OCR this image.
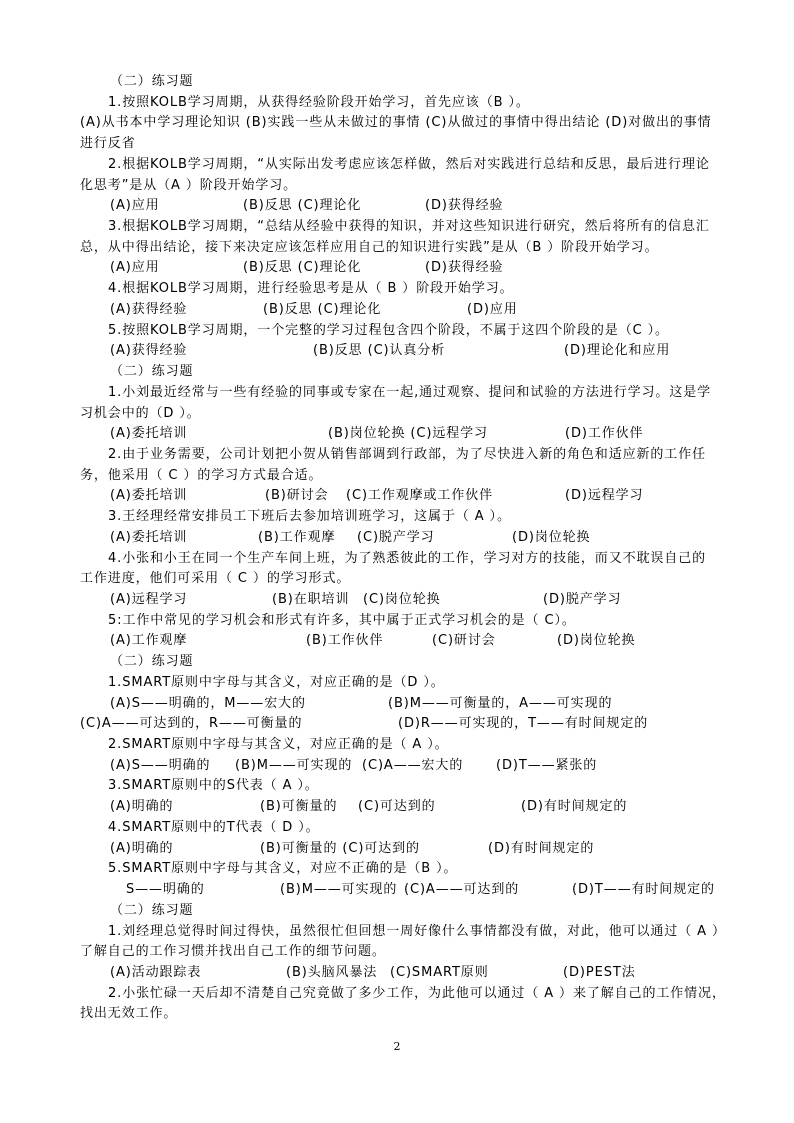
（二）练习题
1.按照KOLB学习周期，从获得经验阶段开始学习，首先应该（B ）。
(A)从书本中学习理论知识 (B)实践一些从未做过的事情 (C)从做过的事情中得出结论 (D)对做出的事情
进行反省
2.根据KOLB学习周期，“从实际出发考虑应该怎样做，然后对实践进行总结和反思，最后进行理论
化思考”是从（A ）阶段开始学习。
(A)应用	(B)反思 (C)理论化	(D)获得经验
3.根据KOLB学习周期，“总结从经验中获得的知识，并对这些知识进行研究，然后将所有的信息汇
总，从中得出结论，接下来决定应该怎样应用自己的知识进行实践”是从（B ）阶段开始学习。
(A)应用	(B)反思 (C)理论化	(D)获得经验
4.根据KOLB学习周期，进行经验思考是从（ B ）阶段开始学习。
(A)获得经验	(B)反思 (C)理论化	(D)应用
5.按照KOLB学习周期，一个完整的学习过程包含四个阶段，不属于这四个阶段的是（C ）。
(A)获得经验	(B)反思 (C)认真分析	(D)理论化和应用
（二）练习题
1.小刘最近经常与一些有经验的同事或专家在一起,通过观察、提问和试验的方法进行学习。这是学
习机会中的（D ）。
(A)委托培训	(B)岗位轮换 (C)远程学习	(D)工作伙伴
2.由于业务需要，公司计划把小贺从销售部调到行政部，为了尽快进入新的角色和适应新的工作任
务，他采用（ C ）的学习方式最合适。
(A)委托培训	(B)研讨会 (C)工作观摩或工作伙伴	(D)远程学习
3.王经理经常安排员工下班后去参加培训班学习，这属于（ A ）。
(A)委托培训	(B)工作观摩 (C)脱产学习	(D)岗位轮换
4.小张和小王在同一个生产车间上班，为了熟悉彼此的工作，学习对方的技能，而又不耽误自己的
工作进度，他们可采用（ C ）的学习形式。
(A)远程学习	(B)在职培训 (C)岗位轮换	(D)脱产学习
5:工作中常见的学习机会和形式有许多，其中属于正式学习机会的是（ C）。
(A)工作观摩	(B)工作伙伴	(C)研讨会	(D)岗位轮换
（二）练习题
1.SMART原则中字母与其含义，对应正确的是（D ）。
(A)S——明确的，M——宏大的	(B)M——可衡量的，A——可实现的
(C)A——可达到的，R——可衡量的	(D)R——可实现的，T——有时间规定的
2.SMART原则中字母与其含义，对应正确的是（ A ）。
(A)S——明确的 (B)M——可实现的 (C)A——宏大的	(D)T——紧张的
3.SMART原则中的S代表（ A ）。
(A)明确的	(B)可衡量的 (C)可达到的	(D)有时间规定的
4.SMART原则中的T代表（ D ）。
(A)明确的	(B)可衡量的 (C)可达到的	(D)有时间规定的
5.SMART原则中字母与其含义，对应不正确的是（B ）。
S——明确的	(B)M——可实现的 (C)A——可达到的	(D)T——有时间规定的
（二）练习题
1.刘经理总觉得时间过得快，虽然很忙但回想一周好像什么事情都没有做，对此，他可以通过（ A ）
了解自己的工作习惯并找出自己工作的细节问题。
(A)活动跟踪表	(B)头脑风暴法 (C)SMART原则	(D)PEST法
2.小张忙碌一天后却不清楚自己究竟做了多少工作，为此他可以通过（ A ）来了解自己的工作情况，
找出无效工作。
2
